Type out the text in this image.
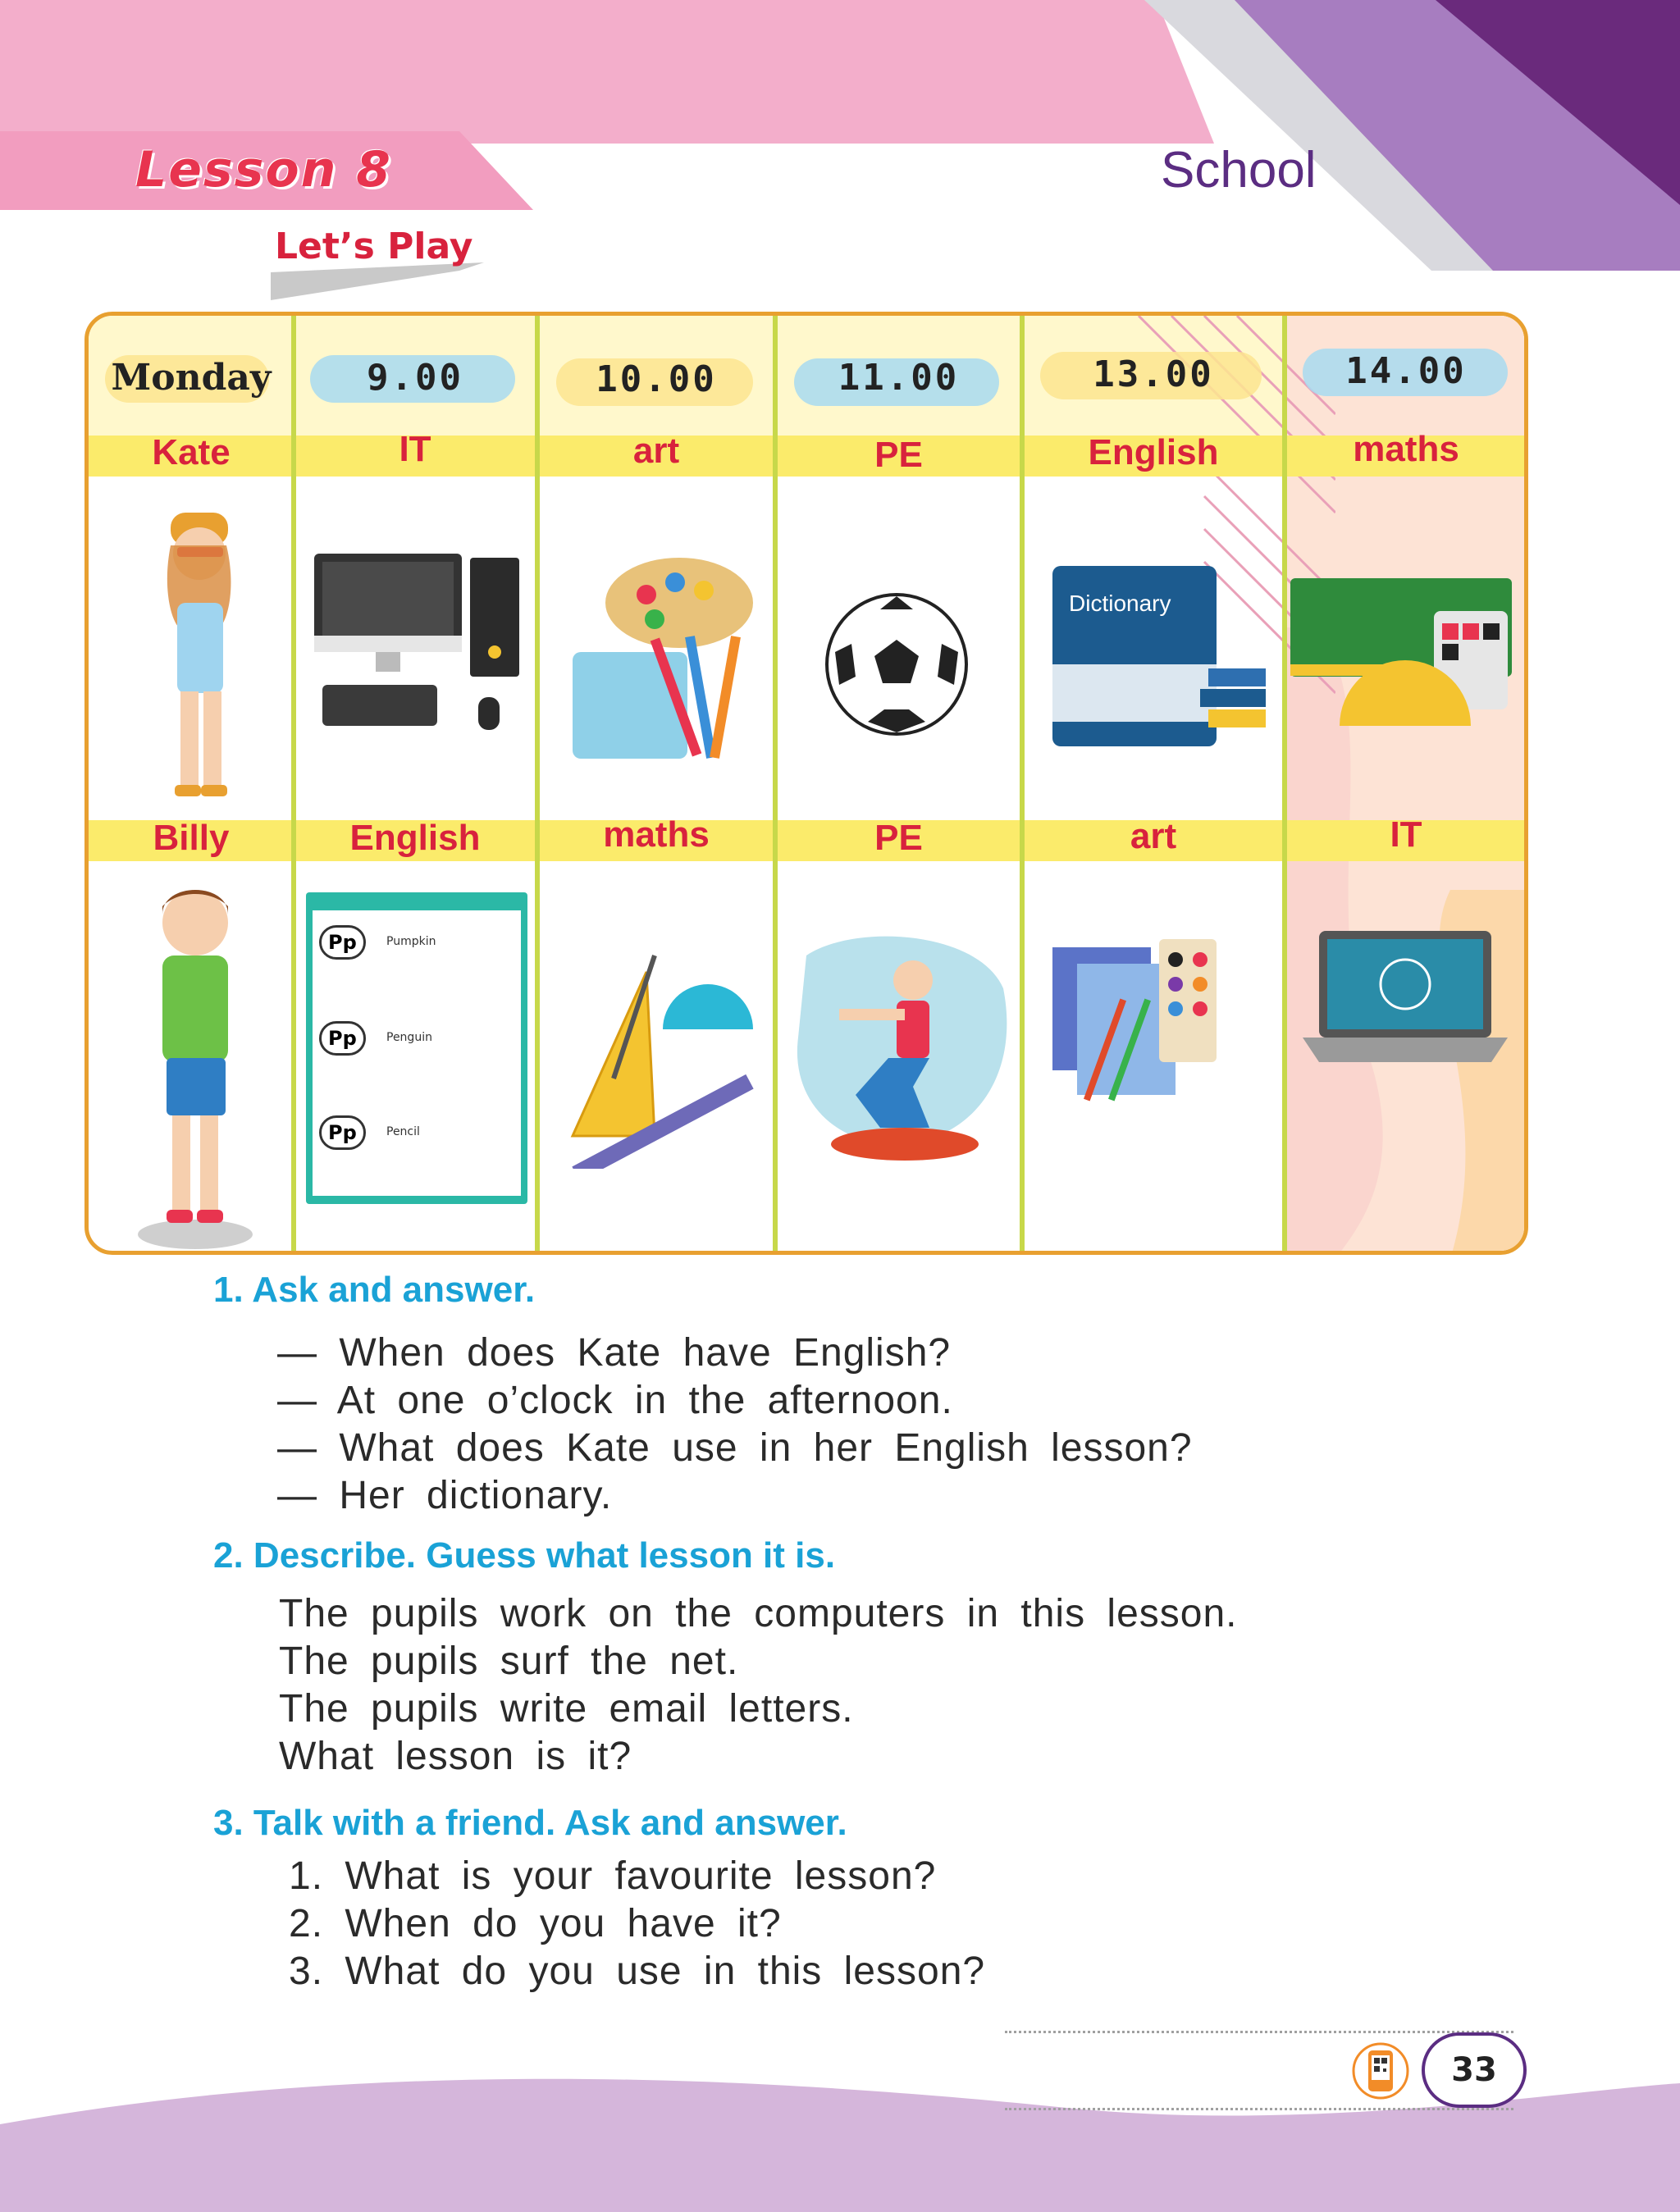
Lesson 8	School
Let’s Play
Monday	9.00	10.00	11.00	13.00	14.00
Kate	IT	art	PE	English	maths
Billy	English	maths	PE	art	IT
Dictionary
Pp	Pumpkin
Pp	Penguin
Pp	Pencil
1. Ask and answer.
— When does Kate have English?
— At one o’clock in the afternoon.
— What does Kate use in her English lesson?
— Her dictionary.
2. Describe. Guess what lesson it is.
The pupils work on the computers in this lesson.
The pupils surf the net.
The pupils write email letters.
What lesson is it?
3. Talk with a friend. Ask and answer.
1. What is your favourite lesson?
2. When do you have it?
3. What do you use in this lesson?
33
